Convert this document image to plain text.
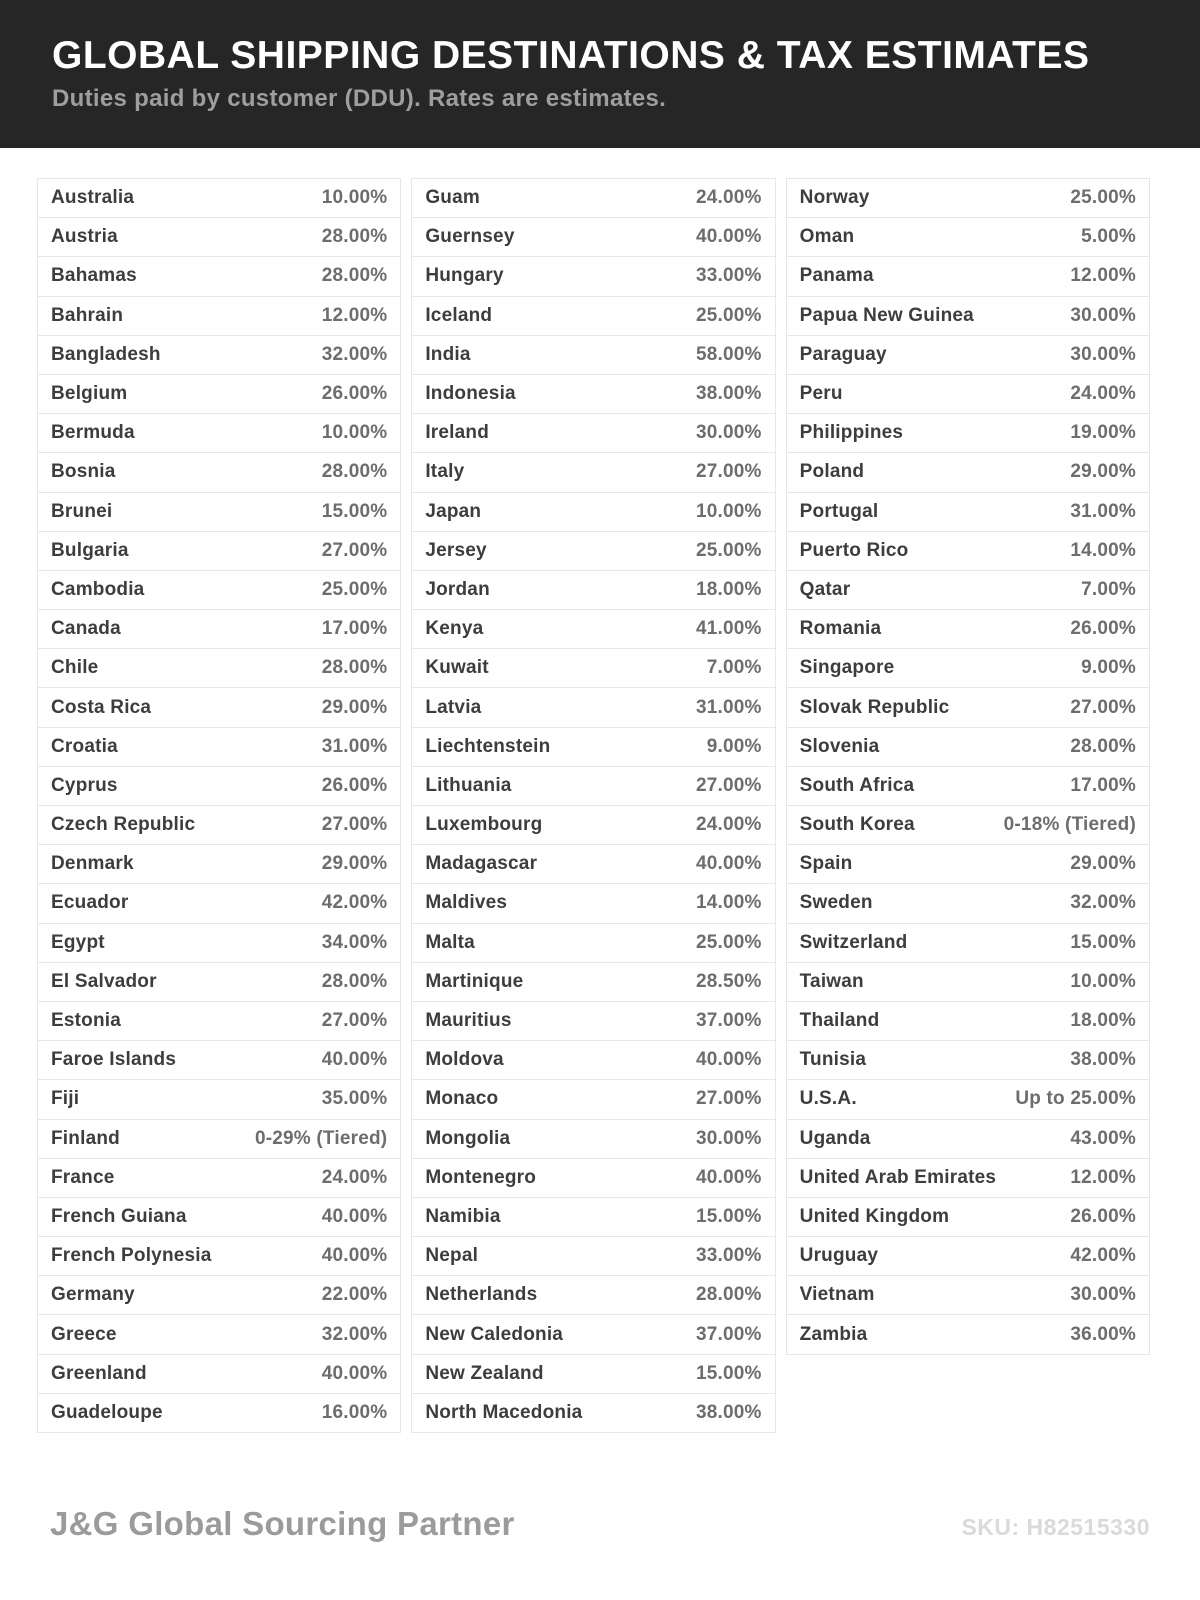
GLOBAL SHIPPING DESTINATIONS & TAX ESTIMATES
Duties paid by customer (DDU). Rates are estimates.
Australia	10.00%
Austria	28.00%
Bahamas	28.00%
Bahrain	12.00%
Bangladesh	32.00%
Belgium	26.00%
Bermuda	10.00%
Bosnia	28.00%
Brunei	15.00%
Bulgaria	27.00%
Cambodia	25.00%
Canada	17.00%
Chile	28.00%
Costa Rica	29.00%
Croatia	31.00%
Cyprus	26.00%
Czech Republic	27.00%
Denmark	29.00%
Ecuador	42.00%
Egypt	34.00%
El Salvador	28.00%
Estonia	27.00%
Faroe Islands	40.00%
Fiji	35.00%
Finland	0-29% (Tiered)
France	24.00%
French Guiana	40.00%
French Polynesia	40.00%
Germany	22.00%
Greece	32.00%
Greenland	40.00%
Guadeloupe	16.00%
Guam	24.00%
Guernsey	40.00%
Hungary	33.00%
Iceland	25.00%
India	58.00%
Indonesia	38.00%
Ireland	30.00%
Italy	27.00%
Japan	10.00%
Jersey	25.00%
Jordan	18.00%
Kenya	41.00%
Kuwait	7.00%
Latvia	31.00%
Liechtenstein	9.00%
Lithuania	27.00%
Luxembourg	24.00%
Madagascar	40.00%
Maldives	14.00%
Malta	25.00%
Martinique	28.50%
Mauritius	37.00%
Moldova	40.00%
Monaco	27.00%
Mongolia	30.00%
Montenegro	40.00%
Namibia	15.00%
Nepal	33.00%
Netherlands	28.00%
New Caledonia	37.00%
New Zealand	15.00%
North Macedonia	38.00%
Norway	25.00%
Oman	5.00%
Panama	12.00%
Papua New Guinea	30.00%
Paraguay	30.00%
Peru	24.00%
Philippines	19.00%
Poland	29.00%
Portugal	31.00%
Puerto Rico	14.00%
Qatar	7.00%
Romania	26.00%
Singapore	9.00%
Slovak Republic	27.00%
Slovenia	28.00%
South Africa	17.00%
South Korea	0-18% (Tiered)
Spain	29.00%
Sweden	32.00%
Switzerland	15.00%
Taiwan	10.00%
Thailand	18.00%
Tunisia	38.00%
U.S.A.	Up to 25.00%
Uganda	43.00%
United Arab Emirates	12.00%
United Kingdom	26.00%
Uruguay	42.00%
Vietnam	30.00%
Zambia	36.00%
J&G Global Sourcing Partner	SKU: H82515330
